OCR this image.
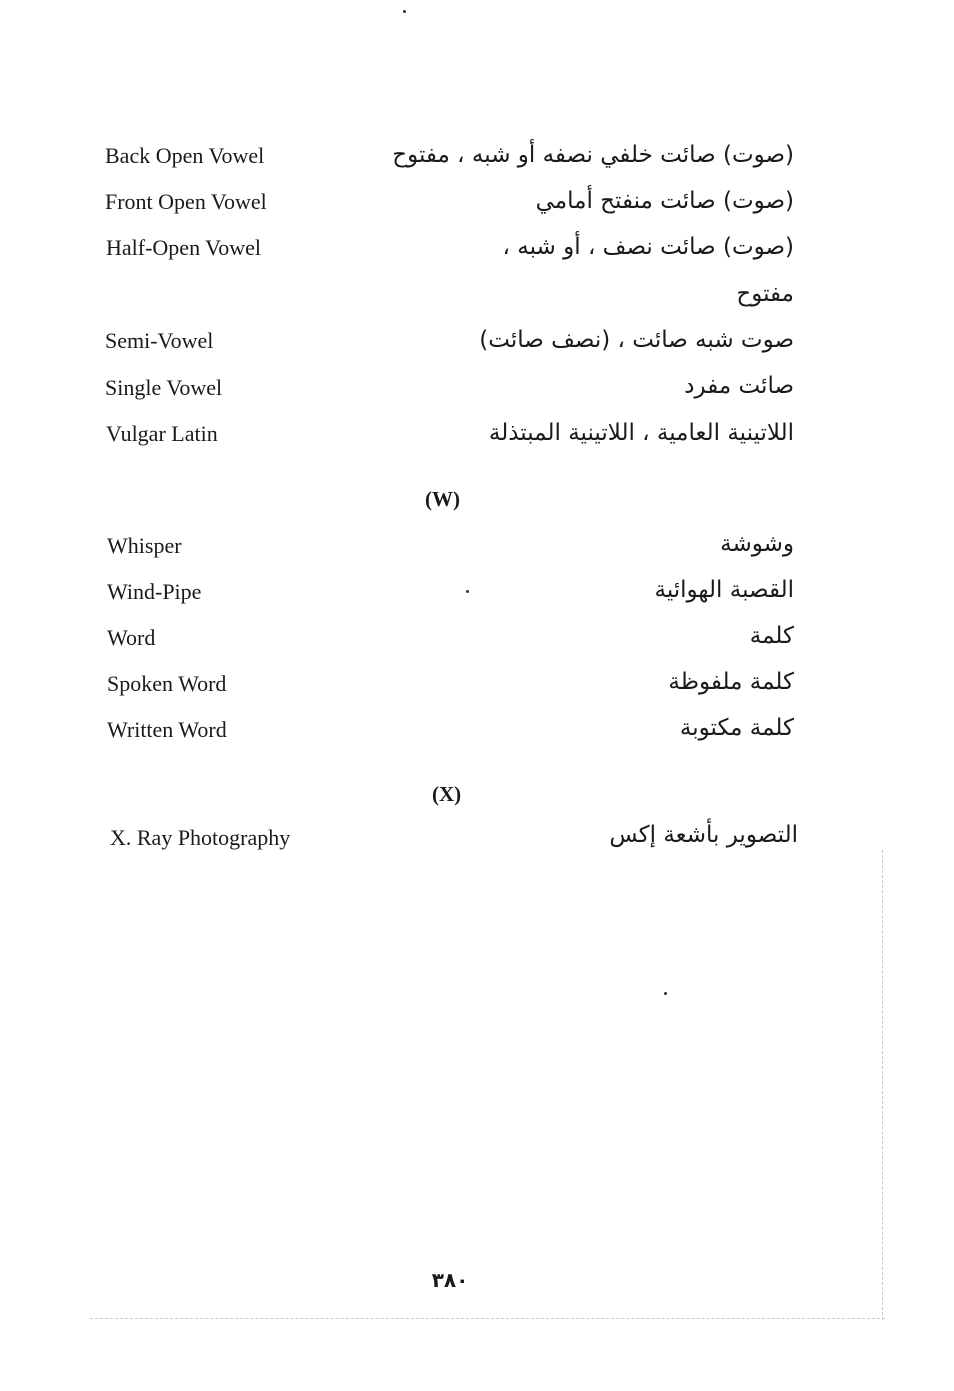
Back Open Vowel	(صوت) صائت خلفي نصفه أو شبه ، مفتوح
Front Open Vowel	(صوت) صائت منفتح أمامي
Half-Open Vowel	(صوت) صائت نصف ، أو شبه ،
مفتوح
Semi-Vowel	صوت شبه صائت ، (نصف صائت)
Single Vowel	صائت مفرد
Vulgar Latin	اللاتينية العامية ، اللاتينية المبتذلة
(W)
Whisper	وشوشة
Wind-Pipe	القصبة الهوائية
Word	كلمة
Spoken Word	كلمة ملفوظة
Written Word	كلمة مكتوبة
(X)
X. Ray Photography	التصوير بأشعة إكس
٣٨٠
